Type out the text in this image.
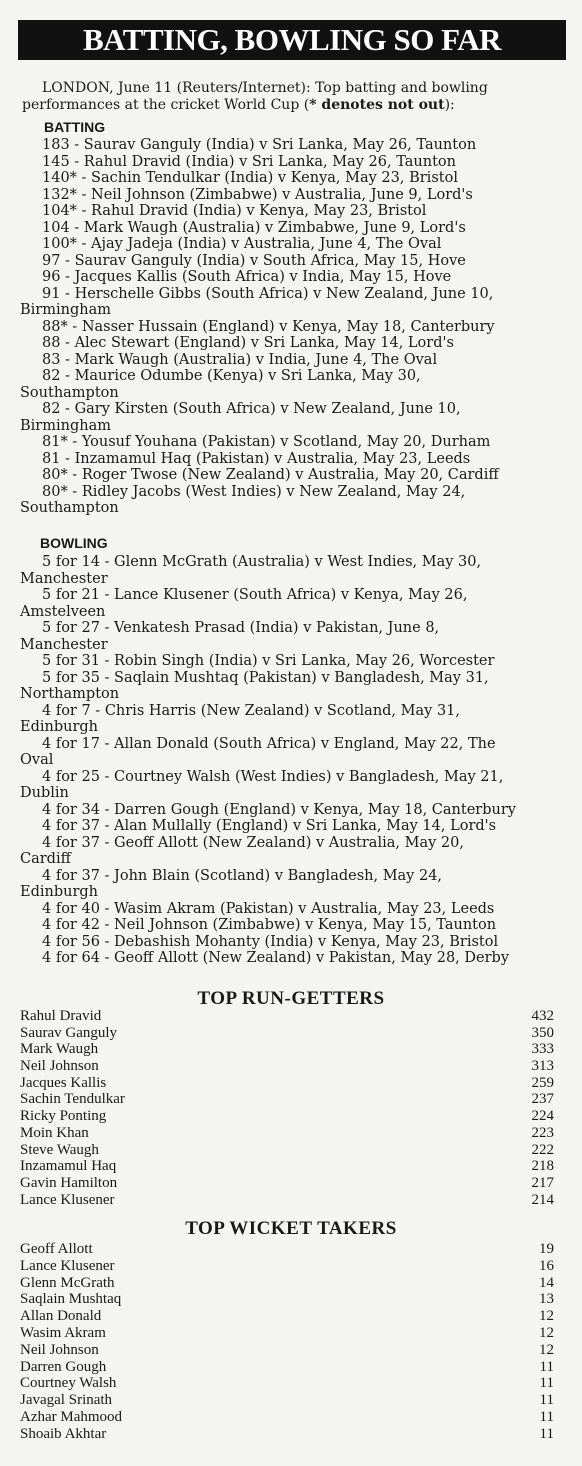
BATTING, BOWLING SO FAR
LONDON, June 11 (Reuters/Internet): Top batting and bowling
performances at the cricket World Cup (* denotes not out):
BATTING
183 - Saurav Ganguly (India) v Sri Lanka, May 26, Taunton
145 - Rahul Dravid (India) v Sri Lanka, May 26, Taunton
140* - Sachin Tendulkar (India) v Kenya, May 23, Bristol
132* - Neil Johnson (Zimbabwe) v Australia, June 9, Lord's
104* - Rahul Dravid (India) v Kenya, May 23, Bristol
104 - Mark Waugh (Australia) v Zimbabwe, June 9, Lord's
100* - Ajay Jadeja (India) v Australia, June 4, The Oval
97 - Saurav Ganguly (India) v South Africa, May 15, Hove
96 - Jacques Kallis (South Africa) v India, May 15, Hove
91 - Herschelle Gibbs (South Africa) v New Zealand, June 10,
Birmingham
88* - Nasser Hussain (England) v Kenya, May 18, Canterbury
88 - Alec Stewart (England) v Sri Lanka, May 14, Lord's
83 - Mark Waugh (Australia) v India, June 4, The Oval
82 - Maurice Odumbe (Kenya) v Sri Lanka, May 30,
Southampton
82 - Gary Kirsten (South Africa) v New Zealand, June 10,
Birmingham
81* - Yousuf Youhana (Pakistan) v Scotland, May 20, Durham
81 - Inzamamul Haq (Pakistan) v Australia, May 23, Leeds
80* - Roger Twose (New Zealand) v Australia, May 20, Cardiff
80* - Ridley Jacobs (West Indies) v New Zealand, May 24,
Southampton
BOWLING
5 for 14 - Glenn McGrath (Australia) v West Indies, May 30,
Manchester
5 for 21 - Lance Klusener (South Africa) v Kenya, May 26,
Amstelveen
5 for 27 - Venkatesh Prasad (India) v Pakistan, June 8,
Manchester
5 for 31 - Robin Singh (India) v Sri Lanka, May 26, Worcester
5 for 35 - Saqlain Mushtaq (Pakistan) v Bangladesh, May 31,
Northampton
4 for 7 - Chris Harris (New Zealand) v Scotland, May 31,
Edinburgh
4 for 17 - Allan Donald (South Africa) v England, May 22, The
Oval
4 for 25 - Courtney Walsh (West Indies) v Bangladesh, May 21,
Dublin
4 for 34 - Darren Gough (England) v Kenya, May 18, Canterbury
4 for 37 - Alan Mullally (England) v Sri Lanka, May 14, Lord's
4 for 37 - Geoff Allott (New Zealand) v Australia, May 20,
Cardiff
4 for 37 - John Blain (Scotland) v Bangladesh, May 24,
Edinburgh
4 for 40 - Wasim Akram (Pakistan) v Australia, May 23, Leeds
4 for 42 - Neil Johnson (Zimbabwe) v Kenya, May 15, Taunton
4 for 56 - Debashish Mohanty (India) v Kenya, May 23, Bristol
4 for 64 - Geoff Allott (New Zealand) v Pakistan, May 28, Derby
TOP RUN-GETTERS
Rahul Dravid	432
Saurav Ganguly	350
Mark Waugh	333
Neil Johnson	313
Jacques Kallis	259
Sachin Tendulkar	237
Ricky Ponting	224
Moin Khan	223
Steve Waugh	222
Inzamamul Haq	218
Gavin Hamilton	217
Lance Klusener	214
TOP WICKET TAKERS
Geoff Allott	19
Lance Klusener	16
Glenn McGrath	14
Saqlain Mushtaq	13
Allan Donald	12
Wasim Akram	12
Neil Johnson	12
Darren Gough	11
Courtney Walsh	11
Javagal Srinath	11
Azhar Mahmood	11
Shoaib Akhtar	11
